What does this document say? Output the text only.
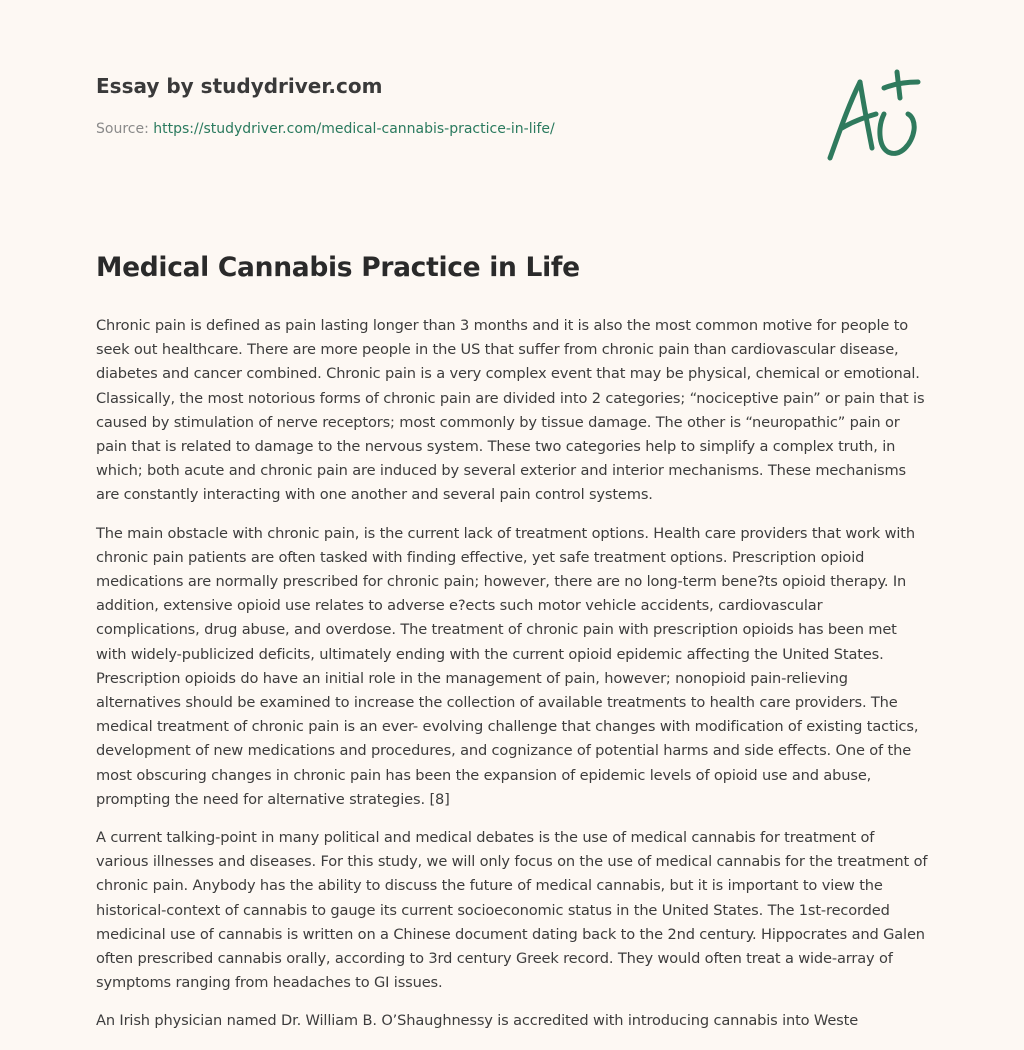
Essay by studydriver.com
Source: https://studydriver.com/medical-cannabis-practice-in-life/
Medical Cannabis Practice in Life

Chronic pain is defined as pain lasting longer than 3 months and it is also the most common motive for people to seek out healthcare. There are more people in the US that suffer from chronic pain than cardiovascular disease, diabetes and cancer combined. Chronic pain is a very complex event that may be physical, chemical or emotional. Classically, the most notorious forms of chronic pain are divided into 2 categories; “nociceptive pain” or pain that is caused by stimulation of nerve receptors; most commonly by tissue damage. The other is “neuropathic” pain or pain that is related to damage to the nervous system. These two categories help to simplify a complex truth, in which; both acute and chronic pain are induced by several exterior and interior mechanisms. These mechanisms are constantly interacting with one another and several pain control systems.

The main obstacle with chronic pain, is the current lack of treatment options. Health care providers that work with chronic pain patients are often tasked with finding effective, yet safe treatment options. Prescription opioid medications are normally prescribed for chronic pain; however, there are no long-term bene?ts opioid therapy. In addition, extensive opioid use relates to adverse e?ects such motor vehicle accidents, cardiovascular complications, drug abuse, and overdose. The treatment of chronic pain with prescription opioids has been met with widely-publicized deficits, ultimately ending with the current opioid epidemic affecting the United States. Prescription opioids do have an initial role in the management of pain, however; nonopioid pain-relieving alternatives should be examined to increase the collection of available treatments to health care providers. The medical treatment of chronic pain is an ever- evolving challenge that changes with modification of existing tactics, development of new medications and procedures, and cognizance of potential harms and side effects. One of the most obscuring changes in chronic pain has been the expansion of epidemic levels of opioid use and abuse, prompting the need for alternative strategies. [8]

A current talking-point in many political and medical debates is the use of medical cannabis for treatment of various illnesses and diseases. For this study, we will only focus on the use of medical cannabis for the treatment of chronic pain. Anybody has the ability to discuss the future of medical cannabis, but it is important to view the historical-context of cannabis to gauge its current socioeconomic status in the United States. The 1st-recorded medicinal use of cannabis is written on a Chinese document dating back to the 2nd century. Hippocrates and Galen often prescribed cannabis orally, according to 3rd century Greek record. They would often treat a wide-array of symptoms ranging from headaches to GI issues.

An Irish physician named Dr. William B. O’Shaughnessy is accredited with introducing cannabis into Weste
